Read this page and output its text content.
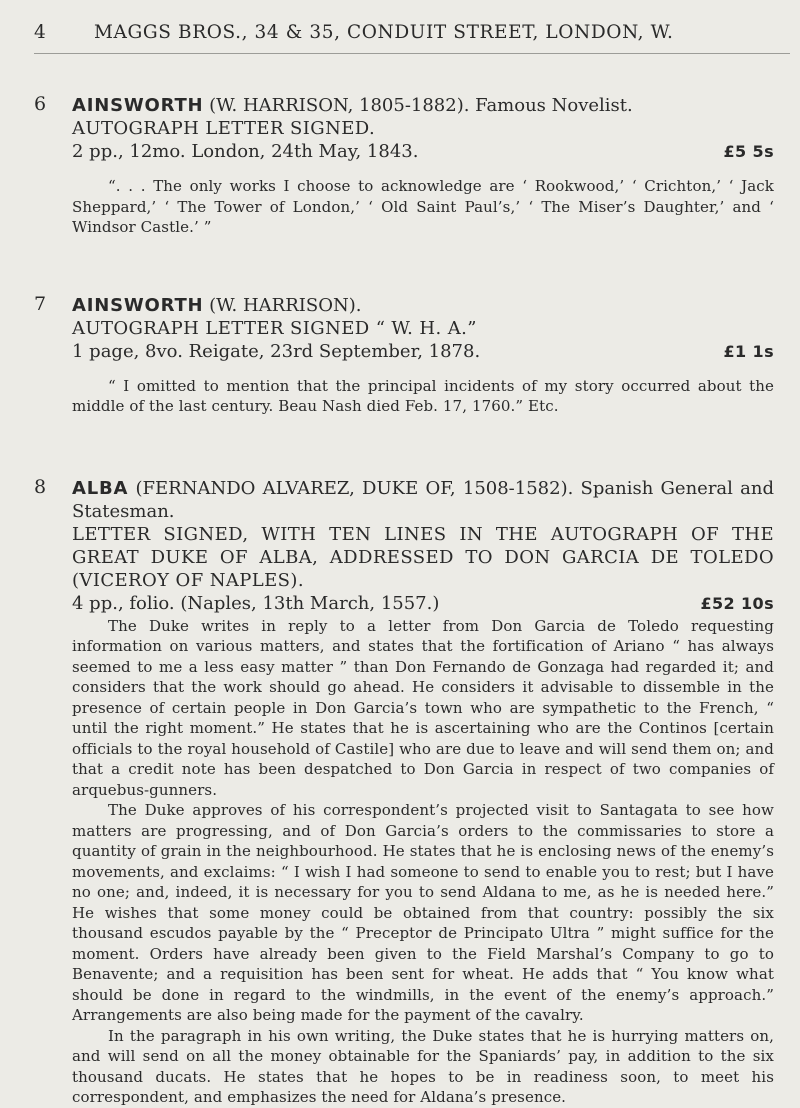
4	MAGGS BROS., 34 & 35, CONDUIT STREET, LONDON, W.
6 AINSWORTH (W. HARRISON, 1805-1882). Famous Novelist.

AUTOGRAPH LETTER SIGNED.

2 pp., 12mo. London, 24th May, 1843.	£5 5s

“. . . The only works I choose to acknowledge are ‘ Rookwood,’ ‘ Crichton,’ ‘ Jack Sheppard,’ ‘ The Tower of London,’ ‘ Old Saint Paul’s,’ ‘ The Miser’s Daughter,’ and ‘ Windsor Castle.’ ”

7 AINSWORTH (W. HARRISON).

AUTOGRAPH LETTER SIGNED “ W. H. A.”

1 page, 8vo. Reigate, 23rd September, 1878.	£1 1s

“ I omitted to mention that the principal incidents of my story occurred about the middle of the last century. Beau Nash died Feb. 17, 1760.” Etc.

8 ALBA (FERNANDO ALVAREZ, DUKE OF, 1508-1582). Spanish General and Statesman.

LETTER SIGNED, WITH TEN LINES IN THE AUTOGRAPH OF THE GREAT DUKE OF ALBA, ADDRESSED TO DON GARCIA DE TOLEDO (VICEROY OF NAPLES).

4 pp., folio. (Naples, 13th March, 1557.)	£52 10s

The Duke writes in reply to a letter from Don Garcia de Toledo requesting information on various matters, and states that the fortification of Ariano “ has always seemed to me a less easy matter ” than Don Fernando de Gonzaga had regarded it; and considers that the work should go ahead. He considers it advisable to dissemble in the presence of certain people in Don Garcia’s town who are sympathetic to the French, “ until the right moment.” He states that he is ascertaining who are the Continos [certain officials to the royal household of Castile] who are due to leave and will send them on; and that a credit note has been despatched to Don Garcia in respect of two companies of arquebus-gunners.

The Duke approves of his correspondent’s projected visit to Santagata to see how matters are progressing, and of Don Garcia’s orders to the commissaries to store a quantity of grain in the neighbourhood. He states that he is enclosing news of the enemy’s movements, and exclaims: “ I wish I had someone to send to enable you to rest; but I have no one; and, indeed, it is necessary for you to send Aldana to me, as he is needed here.” He wishes that some money could be obtained from that country: possibly the six thousand escudos payable by the “ Preceptor de Principato Ultra ” might suffice for the moment. Orders have already been given to the Field Marshal’s Company to go to Benavente; and a requisition has been sent for wheat. He adds that “ You know what should be done in regard to the windmills, in the event of the enemy’s approach.” Arrangements are also being made for the payment of the cavalry.

In the paragraph in his own writing, the Duke states that he is hurrying matters on, and will send on all the money obtainable for the Spaniards’ pay, in addition to the six thousand ducats. He states that he hopes to be in readiness soon, to meet his correspondent, and emphasizes the need for Aldana’s presence.
